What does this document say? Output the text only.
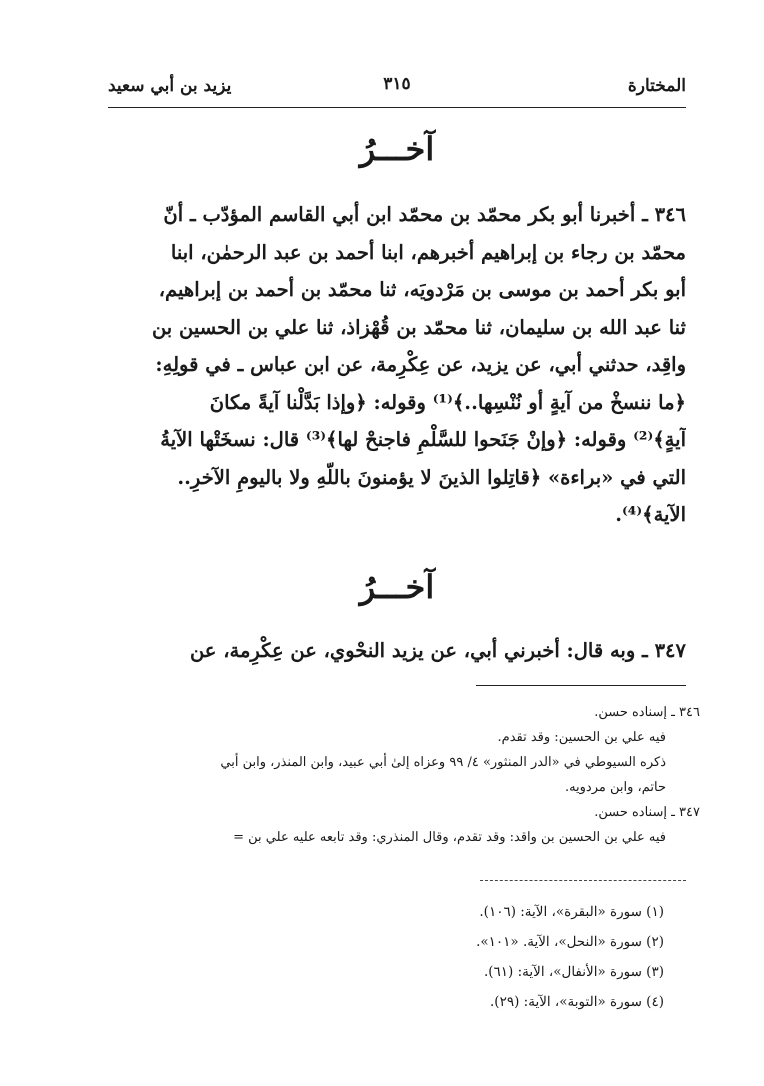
المختارة
٣١٥
يزيد بن أبي سعيد
آخـــرُ
٣٤٦ ـ أخبرنا أبو بكر محمّد بن محمّد ابن أبي القاسم المؤدّب ـ أنّ
محمّد بن رجاء بن إبراهيم أخبرهم، ابنا أحمد بن عبد الرحمٰن، ابنا
أبو بكر أحمد بن موسى بن مَرْدويَه، ثنا محمّد بن أحمد بن إبراهيم،
ثنا عبد الله بن سليمان، ثنا محمّد بن قُهْزاذ، ثنا علي بن الحسين بن
واقِد، حدثني أبي، عن يزيد، عن عِكْرِمة، عن ابن عباس ـ في قولِهِ:
﴿ما ننسخْ من آيةٍ أو نُنْسِها..﴾⁽¹⁾ وقوله: ﴿وإذا بَدَّلْنا آيةً مكانَ
آيةٍ﴾⁽²⁾ وقوله: ﴿وإنْ جَنَحوا للسَّلْمِ فاجنحْ لها﴾⁽³⁾ قال: نسخَتْها الآيةُ
التي في «براءة» ﴿قاتِلوا الذينَ لا يؤمنونَ باللّهِ ولا باليومِ الآخرِ..
الآية﴾⁽⁴⁾.
آخـــرُ
٣٤٧ ـ وبه قال: أخبرني أبي، عن يزيد النحْوي، عن عِكْرِمة، عن
٣٤٦ ـ إسناده حسن.
فيه علي بن الحسين: وقد تقدم.
ذكره السيوطي في «الدر المنثور» ٤/ ٩٩ وعزاه إلىٰ أبي عبيد، وابن المنذر، وابن أبي
حاتم، وابن مردويه.
٣٤٧ ـ إسناده حسن.
فيه علي بن الحسين بن واقد: وقد تقدم، وقال المنذري: وقد تابعه عليه علي بن =
(١) سورة «البقرة»، الآية: (١٠٦).
(٢) سورة «النحل»، الآية. «١٠١».
(٣) سورة «الأنفال»، الآية: (٦١).
(٤) سورة «التوبة»، الآية: (٢٩).
